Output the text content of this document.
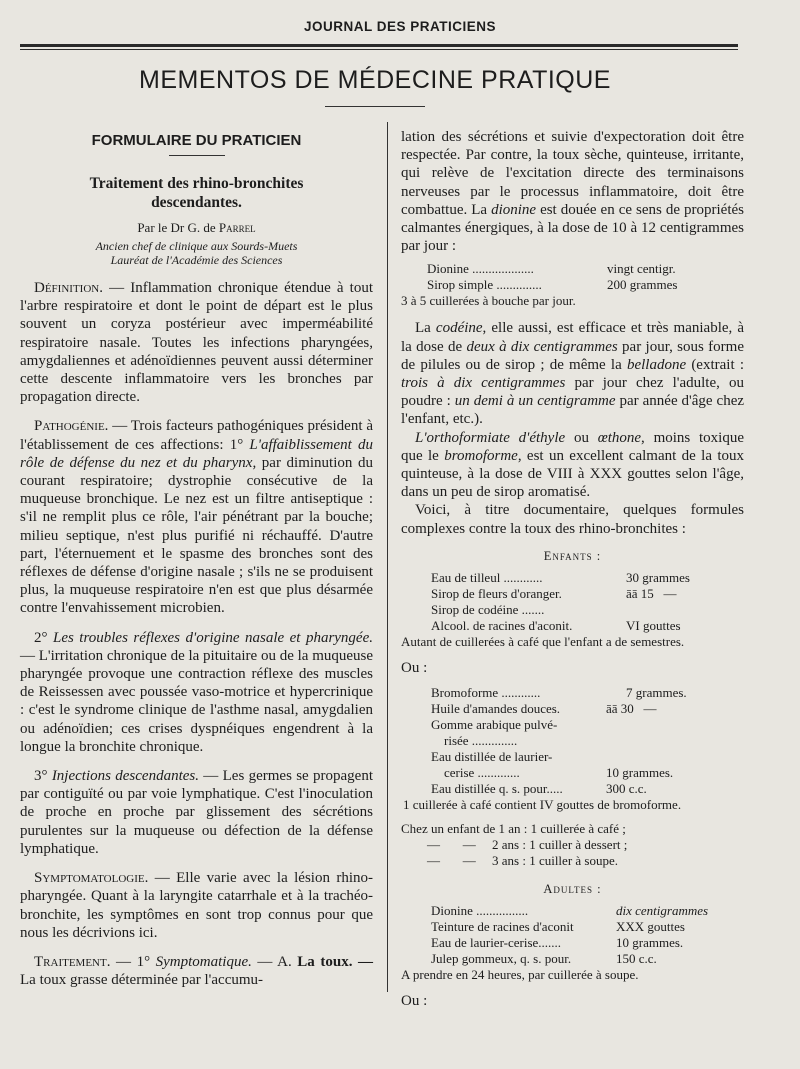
JOURNAL DES PRATICIENS
MEMENTOS DE MÉDECINE PRATIQUE
FORMULAIRE DU PRATICIEN
Traitement des rhino-bronchites
descendantes.
Par le Dr G. de Parrel
Ancien chef de clinique aux Sourds-Muets
Lauréat de l'Académie des Sciences

Définition. — Inflammation chronique étendue à tout l'arbre respiratoire et dont le point de départ est le plus souvent un coryza postérieur avec imperméabilité respiratoire nasale. Toutes les infections pharyngées, amygdaliennes et adénoïdiennes peuvent aussi déterminer cette descente inflammatoire vers les bronches par propagation directe.

Pathogénie. — Trois facteurs pathogéniques président à l'établissement de ces affections: 1° L'affaiblissement du rôle de défense du nez et du pharynx, par diminution du courant respiratoire; dystrophie consécutive de la muqueuse bronchique. Le nez est un filtre antiseptique : s'il ne remplit plus ce rôle, l'air pénétrant par la bouche; milieu septique, n'est plus purifié ni réchauffé. D'autre part, l'éternuement et le spasme des bronches sont des réflexes de défense d'origine nasale ; s'ils ne se produisent plus, la muqueuse respiratoire n'en est que plus désarmée contre l'envahissement microbien.

2° Les troubles réflexes d'origine nasale et pharyngée. — L'irritation chronique de la pituitaire ou de la muqueuse pharyngée provoque une contraction réflexe des muscles de Reissessen avec poussée vaso-motrice et hypercrinique : c'est le syndrome clinique de l'asthme nasal, amygdalien ou adénoïdien; ces crises dyspnéiques engendrent à la longue la bronchite chronique.

3° Injections descendantes. — Les germes se propagent par contiguïté ou par voie lymphatique. C'est l'inoculation de proche en proche par glissement des sécrétions purulentes sur la muqueuse ou défection de la défense lymphatique.

Symptomatologie. — Elle varie avec la lésion rhino-pharyngée. Quant à la laryngite catarrhale et à la trachéo-bronchite, les symptômes en sont trop connus pour que nous les décrivions ici.

Traitement. — 1° Symptomatique. — A. La toux. — La toux grasse déterminée par l'accumu-

lation des sécrétions et suivie d'expectoration doit être respectée. Par contre, la toux sèche, quinteuse, irritante, qui relève de l'excitation directe des terminaisons nerveuses par le processus inflammatoire, doit être combattue. La dionine est douée en ce sens de propriétés calmantes énergiques, à la dose de 10 à 12 centigrammes par jour :

Dionine ...................	vingt centigr.
Sirop simple ..............	200 grammes
3 à 5 cuillerées à bouche par jour.

La codéine, elle aussi, est efficace et très maniable, à la dose de deux à dix centigrammes par jour, sous forme de pilules ou de sirop ; de même la belladone (extrait : trois à dix centigrammes par jour chez l'adulte, ou poudre : un demi à un centigramme par année d'âge chez l'enfant, etc.).

L'orthoformiate d'éthyle ou œthone, moins toxique que le bromoforme, est un excellent calmant de la toux quinteuse, à la dose de VIII à XXX gouttes selon l'âge, dans un peu de sirop aromatisé.

Voici, à titre documentaire, quelques formules complexes contre la toux des rhino-bronchites :

Enfants :
Eau de tilleul ............	30 grammes
Sirop de fleurs d'oranger.	āā 15   —
Sirop de codéine .......
Alcool. de racines d'aconit.	VI gouttes
Autant de cuillerées à café que l'enfant a de semestres.
Ou :
Bromoforme ............	7 grammes.
Huile d'amandes douces.	āā 30   —
Gomme arabique pulvé-
risée ..............
Eau distillée de laurier-
cerise .............	10 grammes.
Eau distillée q. s. pour.....	300 c.c.
1 cuillerée à café contient IV gouttes de bromoforme.
Chez un enfant de 1 an : 1 cuillerée à café ;
—       —     2 ans : 1 cuiller à dessert ;
—       —     3 ans : 1 cuiller à soupe.
Adultes :
Dionine ................	dix centigrammes
Teinture de racines d'aconit	XXX gouttes
Eau de laurier-cerise.......	10 grammes.
Julep gommeux, q. s. pour.	150 c.c.
A prendre en 24 heures, par cuillerée à soupe.
Ou :
